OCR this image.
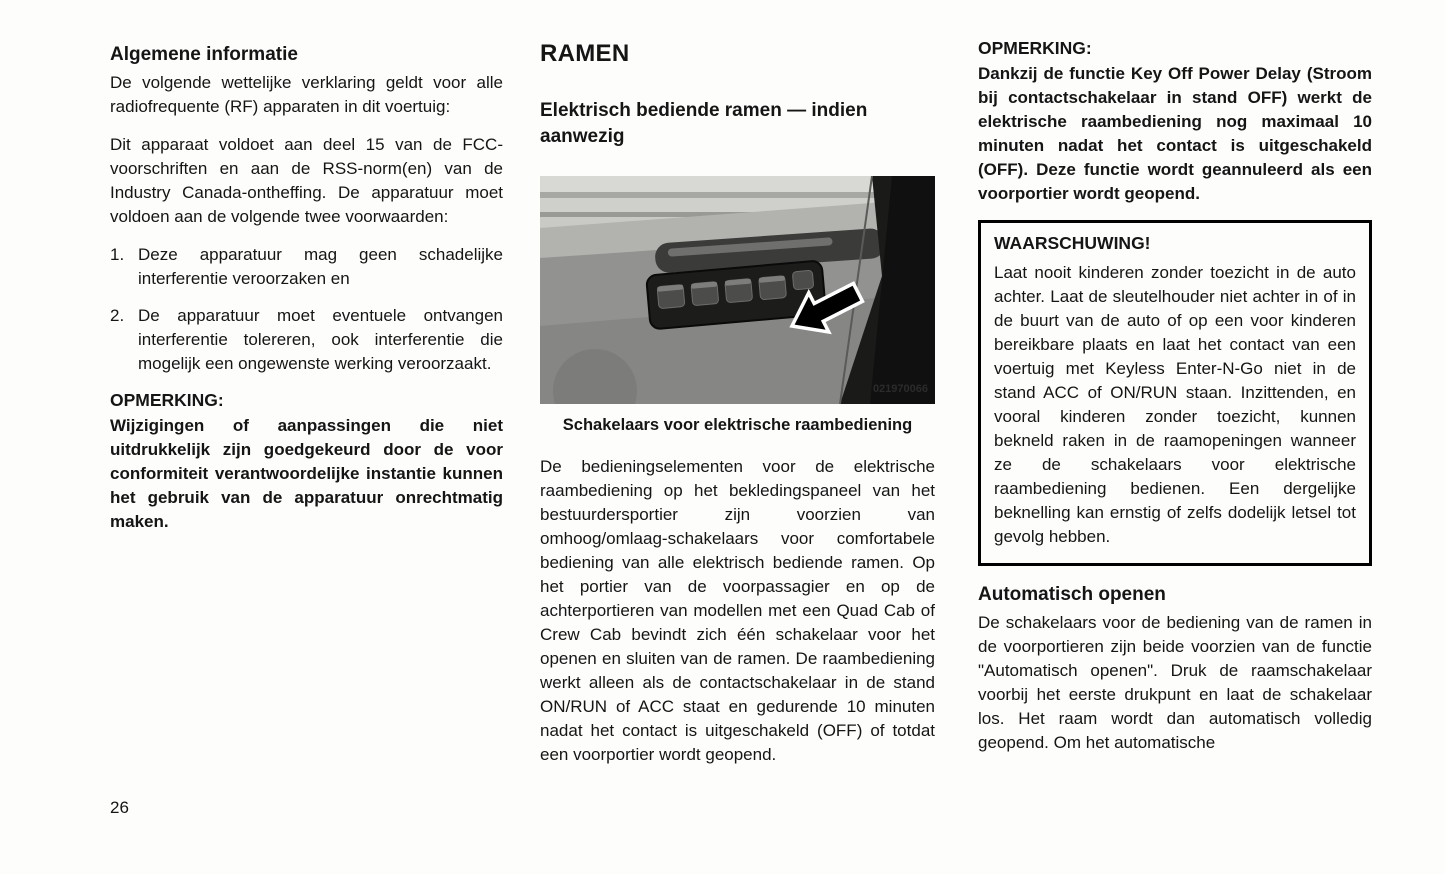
Algemene informatie

De volgende wettelijke verklaring geldt voor alle radiofrequente (RF) apparaten in dit voertuig:

Dit apparaat voldoet aan deel 15 van de FCC-voorschriften en aan de RSS-norm(en) van de Industry Canada-ontheffing. De apparatuur moet voldoen aan de volgende twee voorwaarden:

1. Deze apparatuur mag geen schadelijke interferentie veroorzaken en
2. De apparatuur moet eventuele ontvangen interferentie tolereren, ook interferentie die mogelijk een ongewenste werking veroorzaakt.
OPMERKING:

Wijzigingen of aanpassingen die niet uitdrukkelijk zijn goedgekeurd door de voor conformiteit verantwoordelijke instantie kunnen het gebruik van de apparatuur onrechtmatig maken.

RAMEN
Elektrisch bediende ramen — indien aanwezig
021970066
Schakelaars voor elektrische raambediening

De bedieningselementen voor de elektrische raambediening op het bekledingspaneel van het bestuurdersportier zijn voorzien van omhoog/omlaag-schakelaars voor comfortabele bediening van alle elektrisch bediende ramen. Op het portier van de voorpassagier en op de achterportieren van modellen met een Quad Cab of Crew Cab bevindt zich één schakelaar voor het openen en sluiten van de ramen. De raambediening werkt alleen als de contactschakelaar in de stand ON/RUN of ACC staat en gedurende 10 minuten nadat het contact is uitgeschakeld (OFF) of totdat een voorportier wordt geopend.

OPMERKING:

Dankzij de functie Key Off Power Delay (Stroom bij contactschakelaar in stand OFF) werkt de elektrische raambediening nog maximaal 10 minuten nadat het contact is uitgeschakeld (OFF). Deze functie wordt geannuleerd als een voorportier wordt geopend.

WAARSCHUWING!

Laat nooit kinderen zonder toezicht in de auto achter. Laat de sleutelhouder niet achter in of in de buurt van de auto of op een voor kinderen bereikbare plaats en laat het contact van een voertuig met Keyless Enter-N-Go niet in de stand ACC of ON/RUN staan. Inzittenden, en vooral kinderen zonder toezicht, kunnen bekneld raken in de raamopeningen wanneer ze de schakelaars voor elektrische raambediening bedienen. Een dergelijke beknelling kan ernstig of zelfs dodelijk letsel tot gevolg hebben.

Automatisch openen

De schakelaars voor de bediening van de ramen in de voorportieren zijn beide voorzien van de functie "Automatisch openen". Druk de raamschakelaar voorbij het eerste drukpunt en laat de schakelaar los. Het raam wordt dan automatisch volledig geopend. Om het automatische

26
